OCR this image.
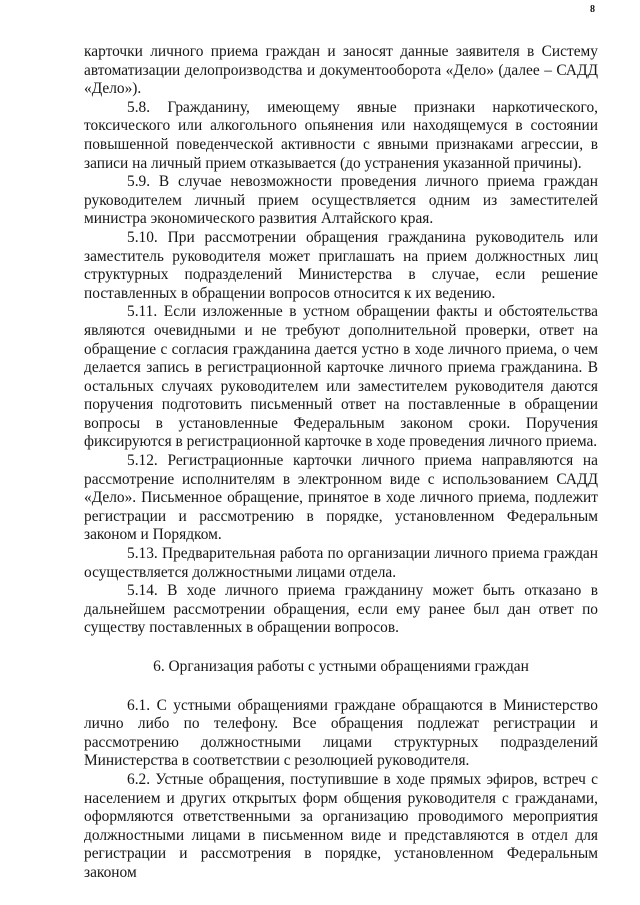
8

карточки личного приема граждан и заносят данные заявителя в Систему автоматизации делопроизводства и документооборота «Дело» (далее – САДД «Дело»).

5.8. Гражданину, имеющему явные признаки наркотического, токсического или алкогольного опьянения или находящемуся в состоянии повышенной поведенческой активности с явными признаками агрессии, в записи на личный прием отказывается (до устранения указанной причины).

5.9. В случае невозможности проведения личного приема граждан руководителем личный прием осуществляется одним из заместителей министра экономического развития Алтайского края.

5.10. При рассмотрении обращения гражданина руководитель или заместитель руководителя может приглашать на прием должностных лиц структурных подразделений Министерства в случае, если решение поставленных в обращении вопросов относится к их ведению.

5.11. Если изложенные в устном обращении факты и обстоятельства являются очевидными и не требуют дополнительной проверки, ответ на обращение с согласия гражданина дается устно в ходе личного приема, о чем делается запись в регистрационной карточке личного приема гражданина. В остальных случаях руководителем или заместителем руководителя даются поручения подготовить письменный ответ на поставленные в обращении вопросы в установленные Федеральным законом сроки. Поручения фиксируются в регистрационной карточке в ходе проведения личного приема.

5.12. Регистрационные карточки личного приема направляются на рассмотрение исполнителям в электронном виде с использованием САДД «Дело». Письменное обращение, принятое в ходе личного приема, подлежит регистрации и рассмотрению в порядке, установленном Федеральным законом и Порядком.

5.13. Предварительная работа по организации личного приема граждан осуществляется должностными лицами отдела.

5.14. В ходе личного приема гражданину может быть отказано в дальнейшем рассмотрении обращения, если ему ранее был дан ответ по существу поставленных в обращении вопросов.

6. Организация работы с устными обращениями граждан

6.1. С устными обращениями граждане обращаются в Министерство лично либо по телефону. Все обращения подлежат регистрации и рассмотрению должностными лицами структурных подразделений Министерства в соответствии с резолюцией руководителя.

6.2. Устные обращения, поступившие в ходе прямых эфиров, встреч с населением и других открытых форм общения руководителя с гражданами, оформляются ответственными за организацию проводимого мероприятия должностными лицами в письменном виде и представляются в отдел для регистрации и рассмотрения в порядке, установленном Федеральным законом
